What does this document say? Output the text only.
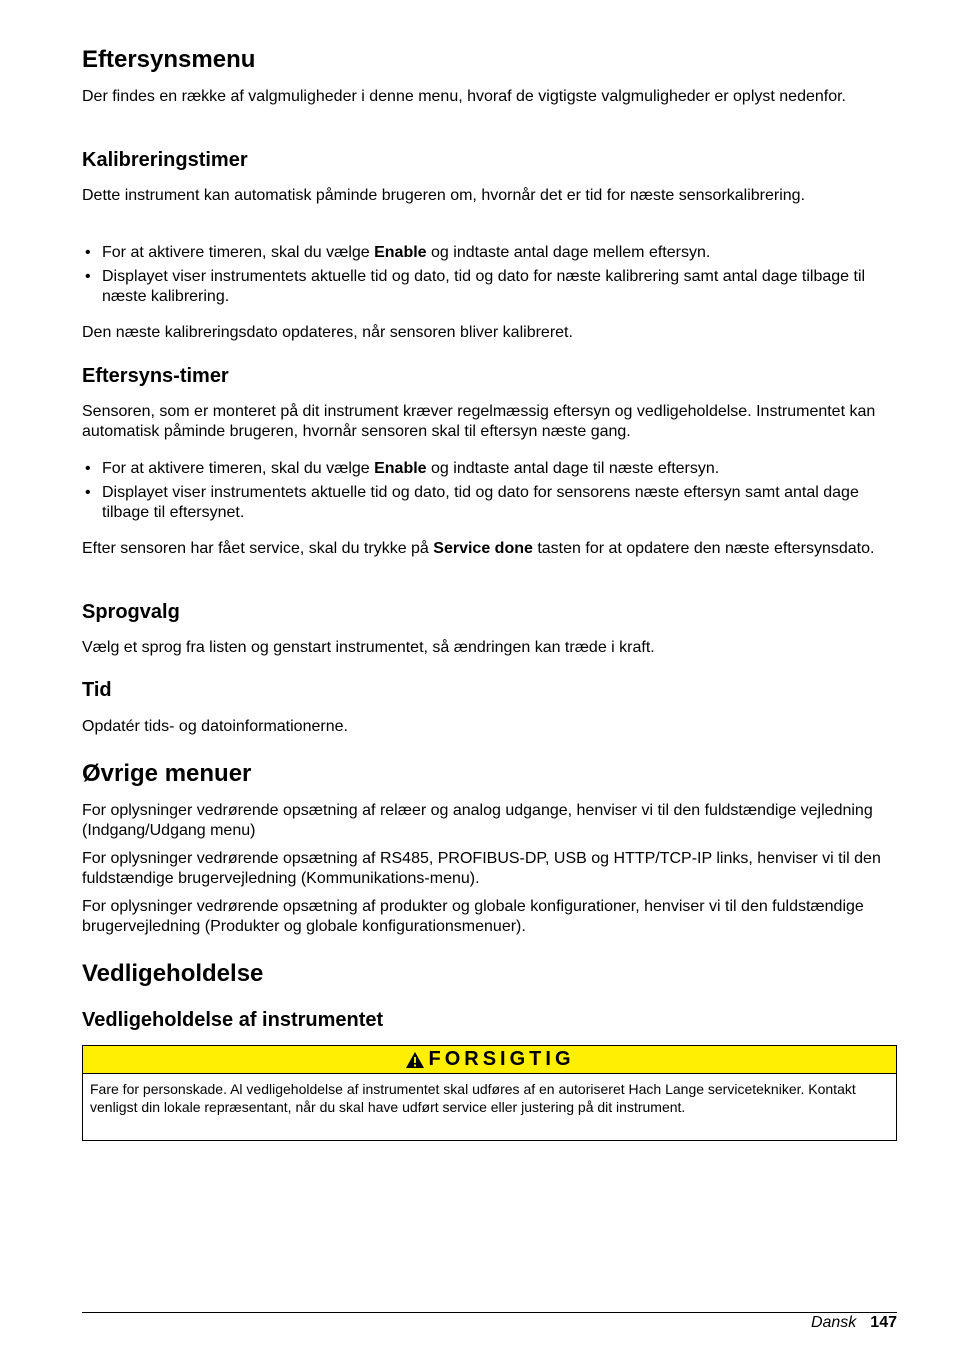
Eftersynsmenu

Der findes en række af valgmuligheder i denne menu, hvoraf de vigtigste valgmuligheder er oplyst nedenfor.

Kalibreringstimer

Dette instrument kan automatisk påminde brugeren om, hvornår det er tid for næste sensorkalibrering.

• For at aktivere timeren, skal du vælge Enable og indtaste antal dage mellem eftersyn.
• Displayet viser instrumentets aktuelle tid og dato, tid og dato for næste kalibrering samt antal dage tilbage til næste kalibrering.

Den næste kalibreringsdato opdateres, når sensoren bliver kalibreret.

Eftersyns-timer

Sensoren, som er monteret på dit instrument kræver regelmæssig eftersyn og vedligeholdelse. Instrumentet kan automatisk påminde brugeren, hvornår sensoren skal til eftersyn næste gang.

• For at aktivere timeren, skal du vælge Enable og indtaste antal dage til næste eftersyn.
• Displayet viser instrumentets aktuelle tid og dato, tid og dato for sensorens næste eftersyn samt antal dage tilbage til eftersynet.

Efter sensoren har fået service, skal du trykke på Service done tasten for at opdatere den næste eftersynsdato.

Sprogvalg

Vælg et sprog fra listen og genstart instrumentet, så ændringen kan træde i kraft.

Tid

Opdatér tids- og datoinformationerne.

Øvrige menuer

For oplysninger vedrørende opsætning af relæer og analog udgange, henviser vi til den fuldstændige vejledning (Indgang/Udgang menu)

For oplysninger vedrørende opsætning af RS485, PROFIBUS-DP, USB og HTTP/TCP-IP links, henviser vi til den fuldstændige brugervejledning (Kommunikations-menu).

For oplysninger vedrørende opsætning af produkter og globale konfigurationer, henviser vi til den fuldstændige brugervejledning (Produkter og globale konfigurationsmenuer).

Vedligeholdelse
Vedligeholdelse af instrumentet
FORSIGTIG
Fare for personskade. Al vedligeholdelse af instrumentet skal udføres af en autoriseret Hach Lange servicetekniker. Kontakt venligst din lokale repræsentant, når du skal have udført service eller justering på dit instrument.
Dansk 147
